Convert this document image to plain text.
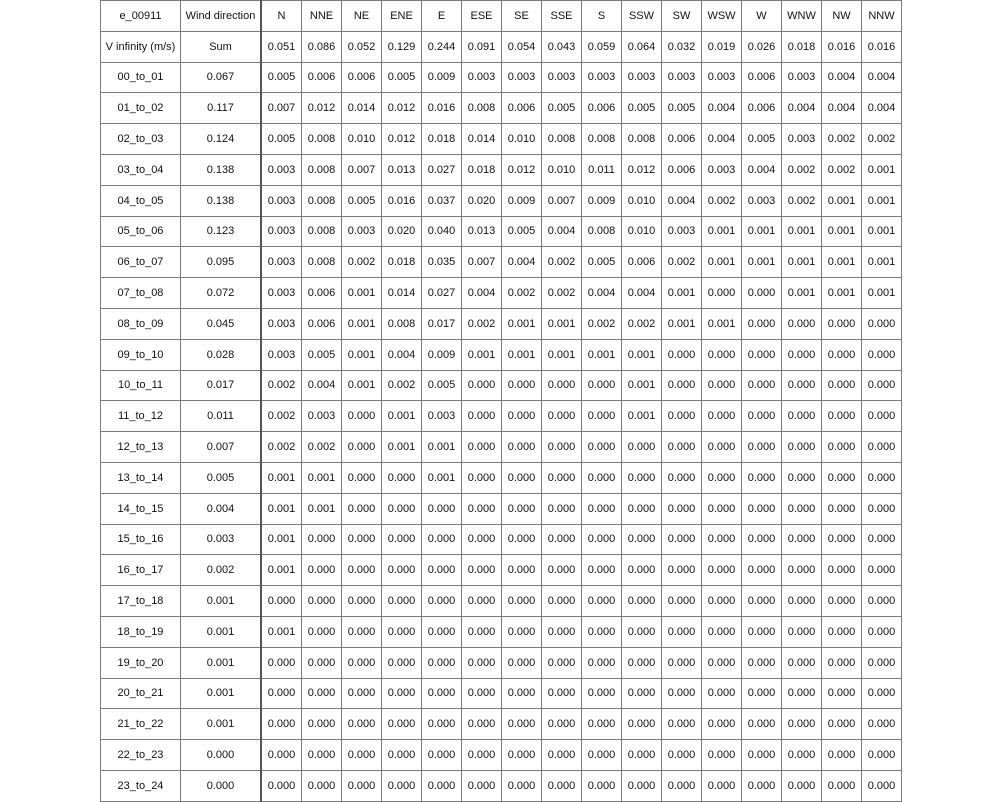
e_00911	Wind direction	N	NNE	NE	ENE	E	ESE	SE	SSE	S	SSW	SW	WSW	W	WNW	NW	NNW
V infinity (m/s)	Sum	0.051	0.086	0.052	0.129	0.244	0.091	0.054	0.043	0.059	0.064	0.032	0.019	0.026	0.018	0.016	0.016
00_to_01	0.067	0.005	0.006	0.006	0.005	0.009	0.003	0.003	0.003	0.003	0.003	0.003	0.003	0.006	0.003	0.004	0.004
01_to_02	0.117	0.007	0.012	0.014	0.012	0.016	0.008	0.006	0.005	0.006	0.005	0.005	0.004	0.006	0.004	0.004	0.004
02_to_03	0.124	0.005	0.008	0.010	0.012	0.018	0.014	0.010	0.008	0.008	0.008	0.006	0.004	0.005	0.003	0.002	0.002
03_to_04	0.138	0.003	0.008	0.007	0.013	0.027	0.018	0.012	0.010	0.011	0.012	0.006	0.003	0.004	0.002	0.002	0.001
04_to_05	0.138	0.003	0.008	0.005	0.016	0.037	0.020	0.009	0.007	0.009	0.010	0.004	0.002	0.003	0.002	0.001	0.001
05_to_06	0.123	0.003	0.008	0.003	0.020	0.040	0.013	0.005	0.004	0.008	0.010	0.003	0.001	0.001	0.001	0.001	0.001
06_to_07	0.095	0.003	0.008	0.002	0.018	0.035	0.007	0.004	0.002	0.005	0.006	0.002	0.001	0.001	0.001	0.001	0.001
07_to_08	0.072	0.003	0.006	0.001	0.014	0.027	0.004	0.002	0.002	0.004	0.004	0.001	0.000	0.000	0.001	0.001	0.001
08_to_09	0.045	0.003	0.006	0.001	0.008	0.017	0.002	0.001	0.001	0.002	0.002	0.001	0.001	0.000	0.000	0.000	0.000
09_to_10	0.028	0.003	0.005	0.001	0.004	0.009	0.001	0.001	0.001	0.001	0.001	0.000	0.000	0.000	0.000	0.000	0.000
10_to_11	0.017	0.002	0.004	0.001	0.002	0.005	0.000	0.000	0.000	0.000	0.001	0.000	0.000	0.000	0.000	0.000	0.000
11_to_12	0.011	0.002	0.003	0.000	0.001	0.003	0.000	0.000	0.000	0.000	0.001	0.000	0.000	0.000	0.000	0.000	0.000
12_to_13	0.007	0.002	0.002	0.000	0.001	0.001	0.000	0.000	0.000	0.000	0.000	0.000	0.000	0.000	0.000	0.000	0.000
13_to_14	0.005	0.001	0.001	0.000	0.000	0.001	0.000	0.000	0.000	0.000	0.000	0.000	0.000	0.000	0.000	0.000	0.000
14_to_15	0.004	0.001	0.001	0.000	0.000	0.000	0.000	0.000	0.000	0.000	0.000	0.000	0.000	0.000	0.000	0.000	0.000
15_to_16	0.003	0.001	0.000	0.000	0.000	0.000	0.000	0.000	0.000	0.000	0.000	0.000	0.000	0.000	0.000	0.000	0.000
16_to_17	0.002	0.001	0.000	0.000	0.000	0.000	0.000	0.000	0.000	0.000	0.000	0.000	0.000	0.000	0.000	0.000	0.000
17_to_18	0.001	0.000	0.000	0.000	0.000	0.000	0.000	0.000	0.000	0.000	0.000	0.000	0.000	0.000	0.000	0.000	0.000
18_to_19	0.001	0.001	0.000	0.000	0.000	0.000	0.000	0.000	0.000	0.000	0.000	0.000	0.000	0.000	0.000	0.000	0.000
19_to_20	0.001	0.000	0.000	0.000	0.000	0.000	0.000	0.000	0.000	0.000	0.000	0.000	0.000	0.000	0.000	0.000	0.000
20_to_21	0.001	0.000	0.000	0.000	0.000	0.000	0.000	0.000	0.000	0.000	0.000	0.000	0.000	0.000	0.000	0.000	0.000
21_to_22	0.001	0.000	0.000	0.000	0.000	0.000	0.000	0.000	0.000	0.000	0.000	0.000	0.000	0.000	0.000	0.000	0.000
22_to_23	0.000	0.000	0.000	0.000	0.000	0.000	0.000	0.000	0.000	0.000	0.000	0.000	0.000	0.000	0.000	0.000	0.000
23_to_24	0.000	0.000	0.000	0.000	0.000	0.000	0.000	0.000	0.000	0.000	0.000	0.000	0.000	0.000	0.000	0.000	0.000
